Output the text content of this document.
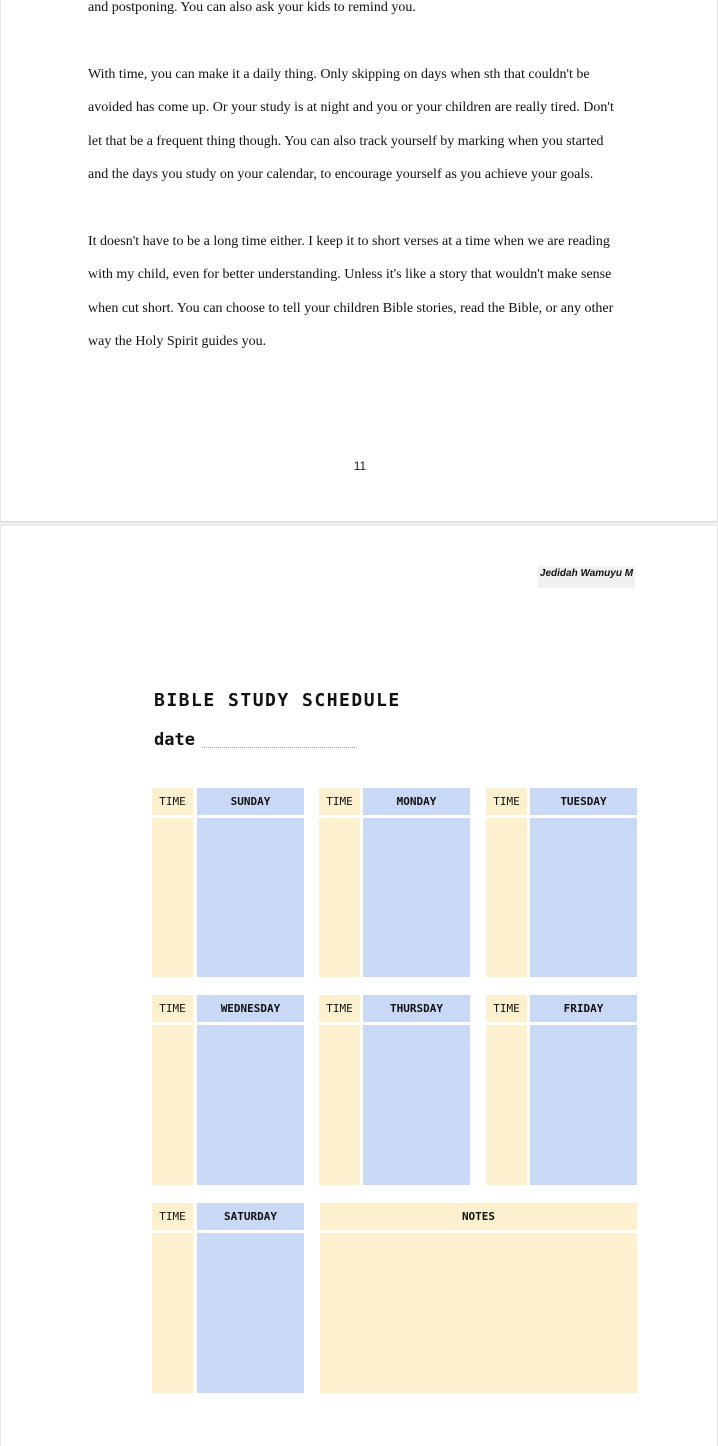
and postponing. You can also ask your kids to remind you.

With time, you can make it a daily thing. Only skipping on days when sth that couldn't be
avoided has come up. Or your study is at night and you or your children are really tired. Don't
let that be a frequent thing though. You can also track yourself by marking when you started
and the days you study on your calendar, to encourage yourself as you achieve your goals.

It doesn't have to be a long time either. I keep it to short verses at a time when we are reading
with my child, even for better understanding. Unless it's like a story that wouldn't make sense
when cut short. You can choose to tell your children Bible stories, read the Bible, or any other
way the Holy Spirit guides you.

11
Jedidah Wamuyu M
BIBLE STUDY SCHEDULE
date
TIME	SUNDAY	TIME	MONDAY	TIME	TUESDAY
TIME	WEDNESDAY	TIME	THURSDAY	TIME	FRIDAY
TIME	SATURDAY	NOTES
